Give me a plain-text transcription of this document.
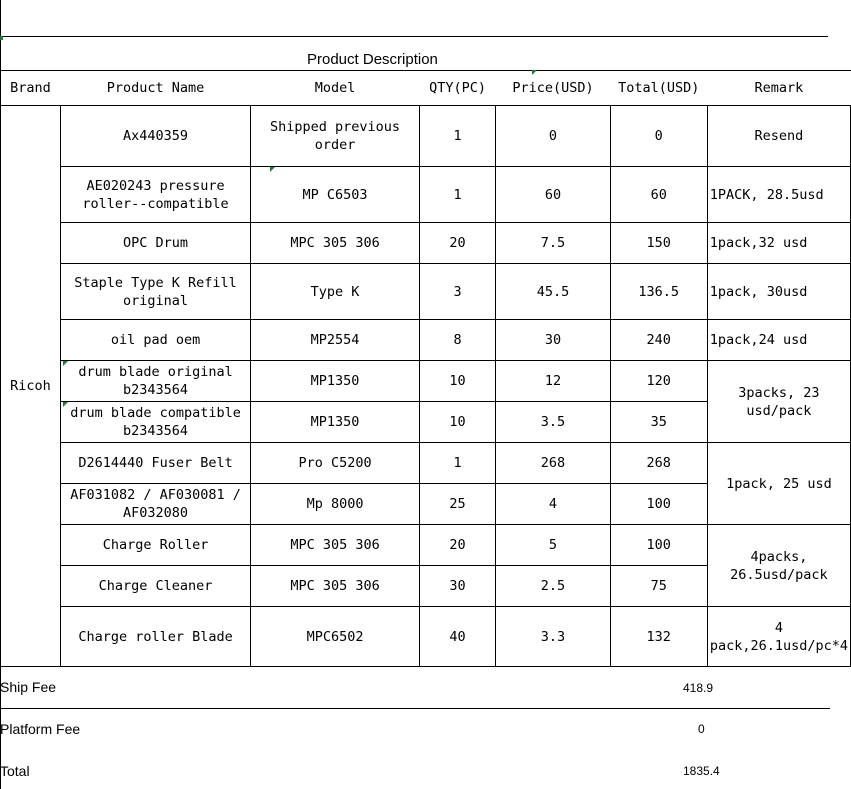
Product Description
Brand	Product Name	Model	QTY(PC)	Price(USD)	Total(USD)	Remark
Ricoh	Ax440359	Shipped previous order	1	0	0	Resend
	AE020243 pressure roller--compatible	MP C6503	1	60	60	1PACK, 28.5usd
	OPC Drum	MPC 305 306	20	7.5	150	1pack,32 usd
	Staple Type K Refill original	Type K	3	45.5	136.5	1pack, 30usd
	oil pad oem	MP2554	8	30	240	1pack,24 usd
	drum blade original b2343564	MP1350	10	12	120	3packs, 23 usd/pack
	drum blade compatible b2343564	MP1350	10	3.5	35	
	D2614440 Fuser Belt	Pro C5200	1	268	268	1pack, 25 usd
	AF031082 / AF030081 / AF032080	Mp 8000	25	4	100	
	Charge Roller	MPC 305 306	20	5	100	4packs, 26.5usd/pack
	Charge Cleaner	MPC 305 306	30	2.5	75	
	Charge roller Blade	MPC6502	40	3.3	132	4 pack,26.1usd/pc*4
Ship Fee	418.9
Platform Fee	0
Total	1835.4
